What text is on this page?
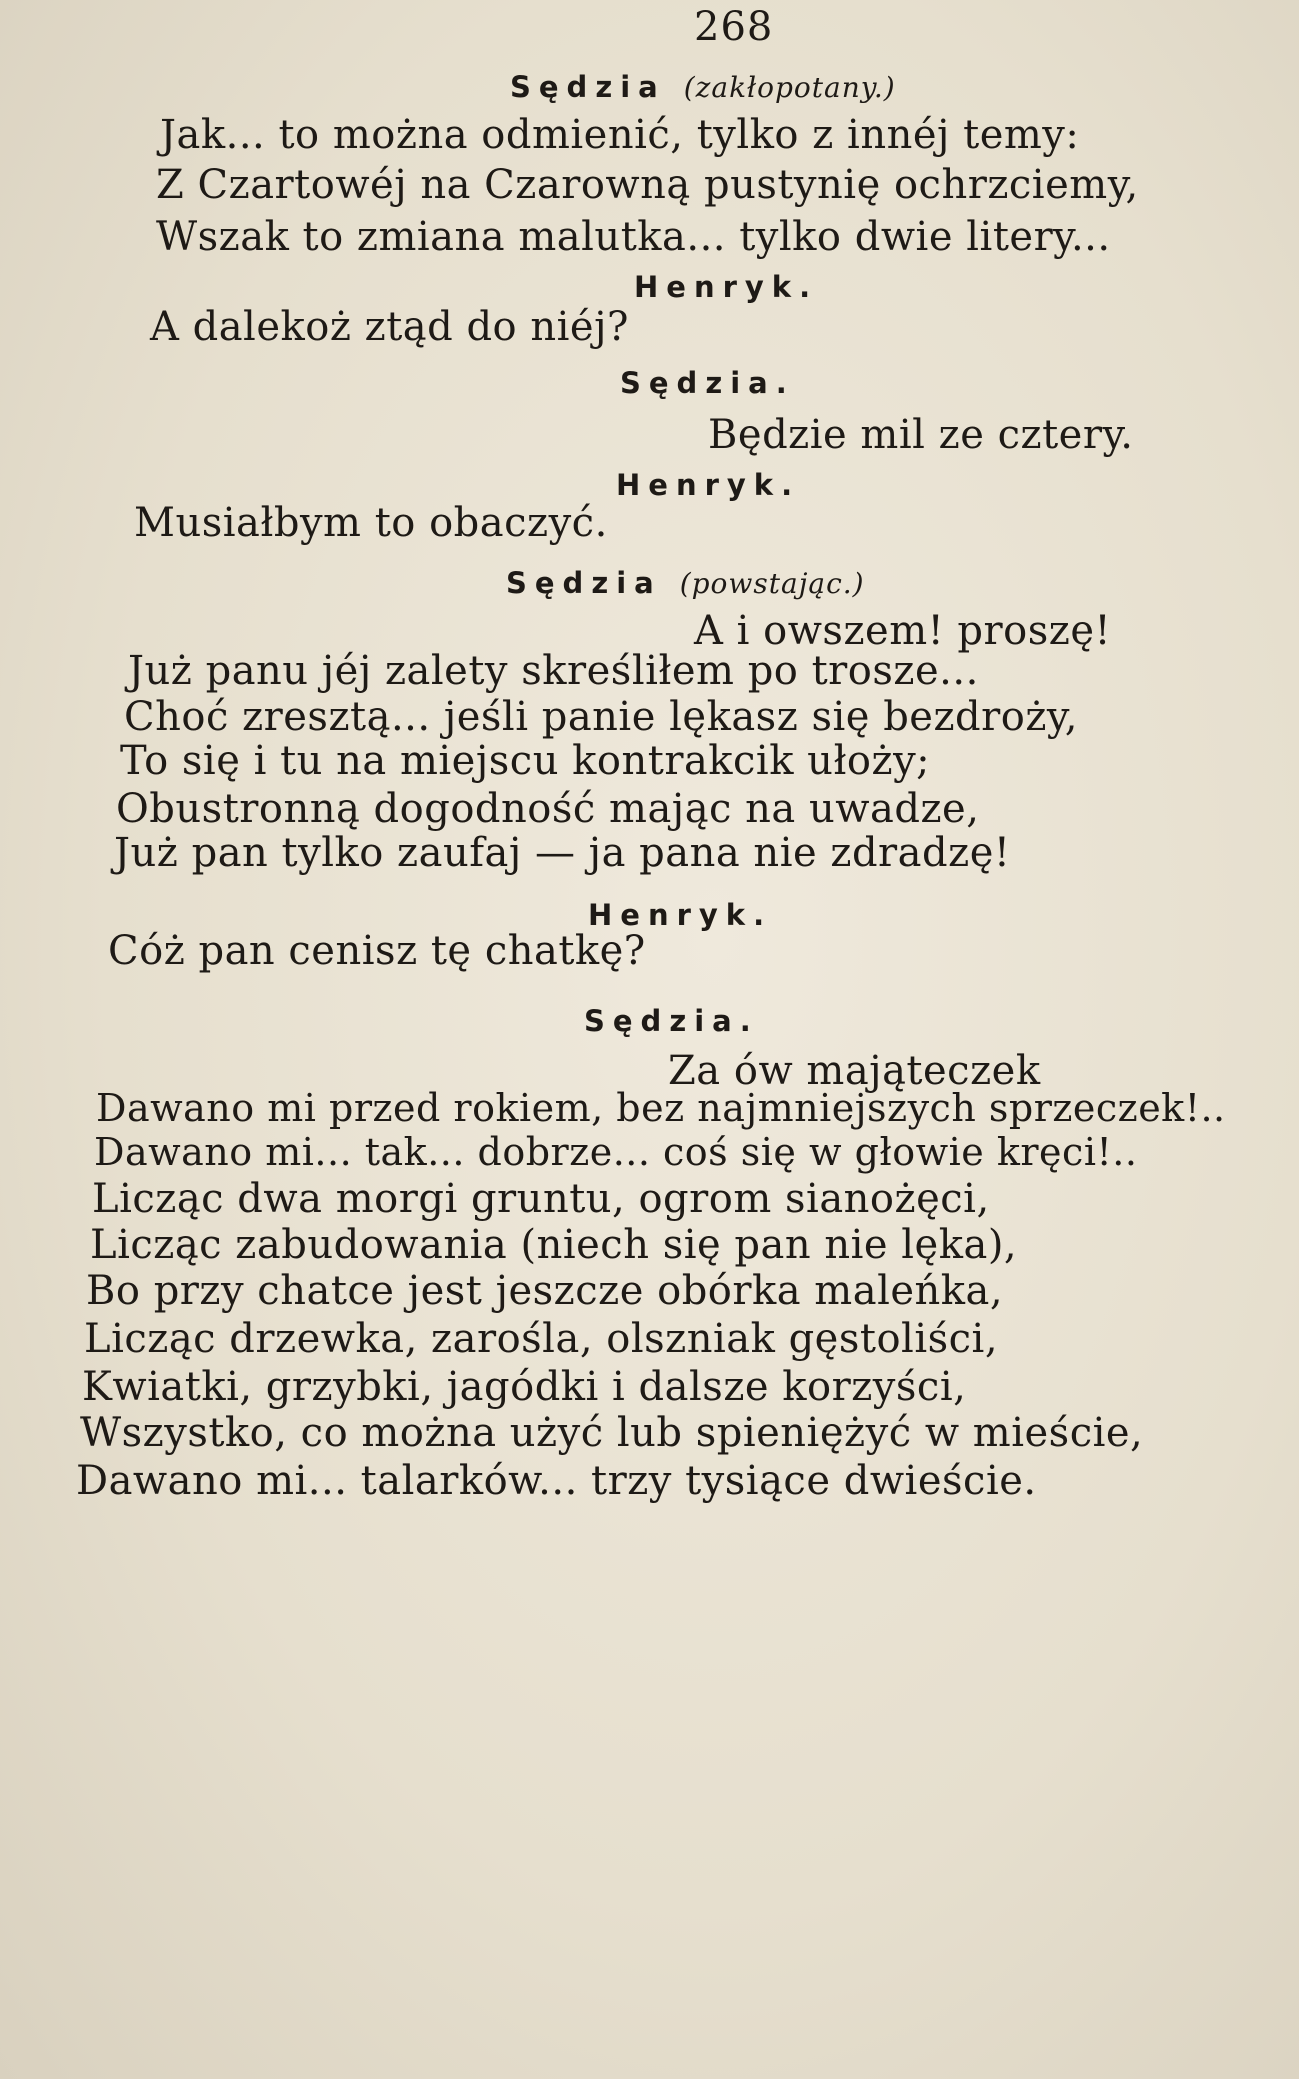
268
Sędzia (zakłopotany.)
Jak... to można odmienić, tylko z innéj temy:
Z Czartowéj na Czarowną pustynię ochrzciemy,
Wszak to zmiana malutka... tylko dwie litery...
Henryk.
A dalekoż ztąd do niéj?
Sędzia.
Będzie mil ze cztery.
Henryk.
Musiałbym to obaczyć.
Sędzia (powstając.)
A i owszem! proszę!
Już panu jéj zalety skreśliłem po trosze...
Choć zresztą... jeśli panie lękasz się bezdroży,
To się i tu na miejscu kontrakcik ułoży;
Obustronną dogodność mając na uwadze,
Już pan tylko zaufaj — ja pana nie zdradzę!
Henryk.
Cóż pan cenisz tę chatkę?
Sędzia.
Za ów mająteczek
Dawano mi przed rokiem, bez najmniejszych sprzeczek!..
Dawano mi... tak... dobrze... coś się w głowie kręci!..
Licząc dwa morgi gruntu, ogrom sianożęci,
Licząc zabudowania (niech się pan nie lęka),
Bo przy chatce jest jeszcze obórka maleńka,
Licząc drzewka, zarośla, olszniak gęstoliści,
Kwiatki, grzybki, jagódki i dalsze korzyści,
Wszystko, co można użyć lub spieniężyć w mieście,
Dawano mi... talarków... trzy tysiące dwieście.
